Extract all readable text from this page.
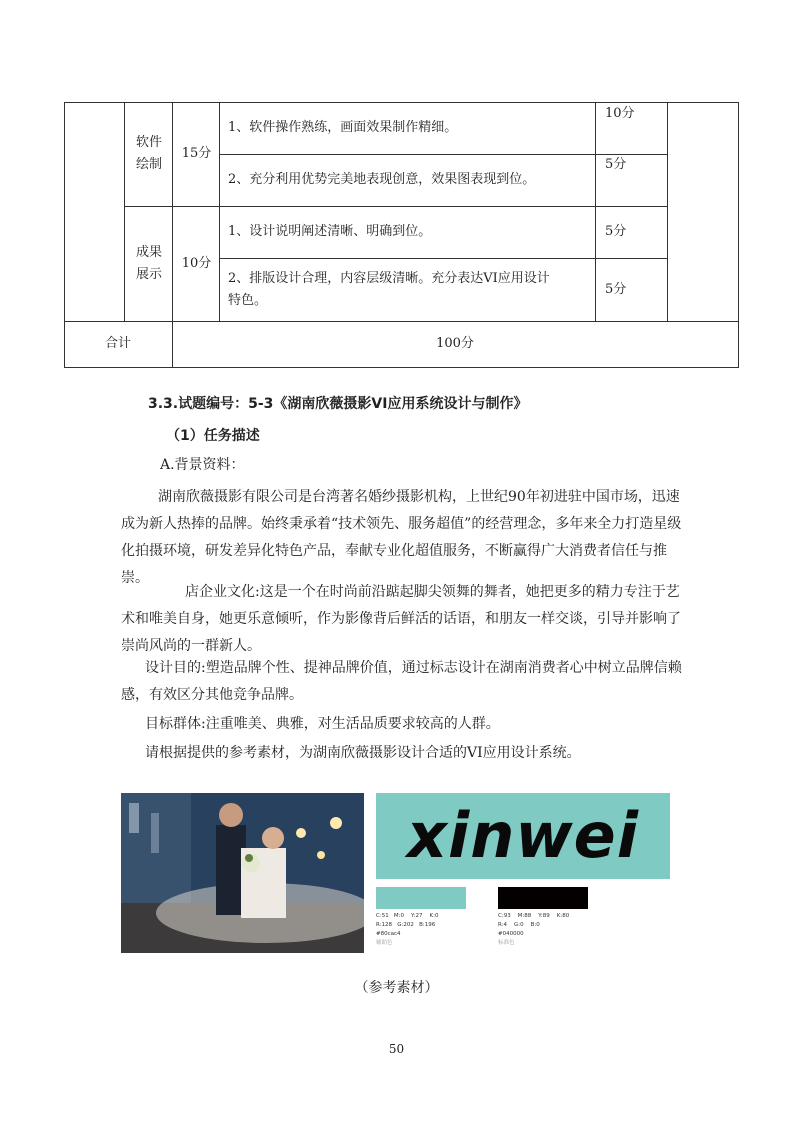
软件
绘制
15分
1、软件操作熟练，画面效果制作精细。
10分
2、充分利用优势完美地表现创意，效果图表现到位。
5分
成果
展示
10分
1、设计说明阐述清晰、明确到位。	5分
2、排版设计合理，内容层级清晰。充分表达VI应用设计
特色。
5分
合计	100分
3.3.试题编号：5-3《湖南欣薇摄影VI应用系统设计与制作》
（1）任务描述
A.背景资料：
湖南欣薇摄影有限公司是台湾著名婚纱摄影机构，上世纪90年初进驻中国市场，迅速成为新人热捧的品牌。始终秉承着“技术领先、服务超值”的经营理念，多年来全力打造星级化拍摄环境，研发差异化特色产品，奉献专业化超值服务，不断赢得广大消费者信任与推崇。
店企业文化:这是一个在时尚前沿踮起脚尖领舞的舞者，她把更多的精力专注于艺术和唯美自身，她更乐意倾听，作为影像背后鲜活的话语，和朋友一样交谈，引导并影响了崇尚风尚的一群新人。
设计目的:塑造品牌个性、提神品牌价值，通过标志设计在湖南消费者心中树立品牌信赖感，有效区分其他竞争品牌。
目标群体:注重唯美、典雅，对生活品质要求较高的人群。
请根据提供的参考素材，为湖南欣薇摄影设计合适的VI应用设计系统。
xinwei
C:51   M:0    Y:27    K:0
R:128   G:202   B:196
#80cac4
辅助色
C:93    M:88    Y:89    K:80
R:4    G:0    B:0
#040000
标准色
（参考素材）
50
